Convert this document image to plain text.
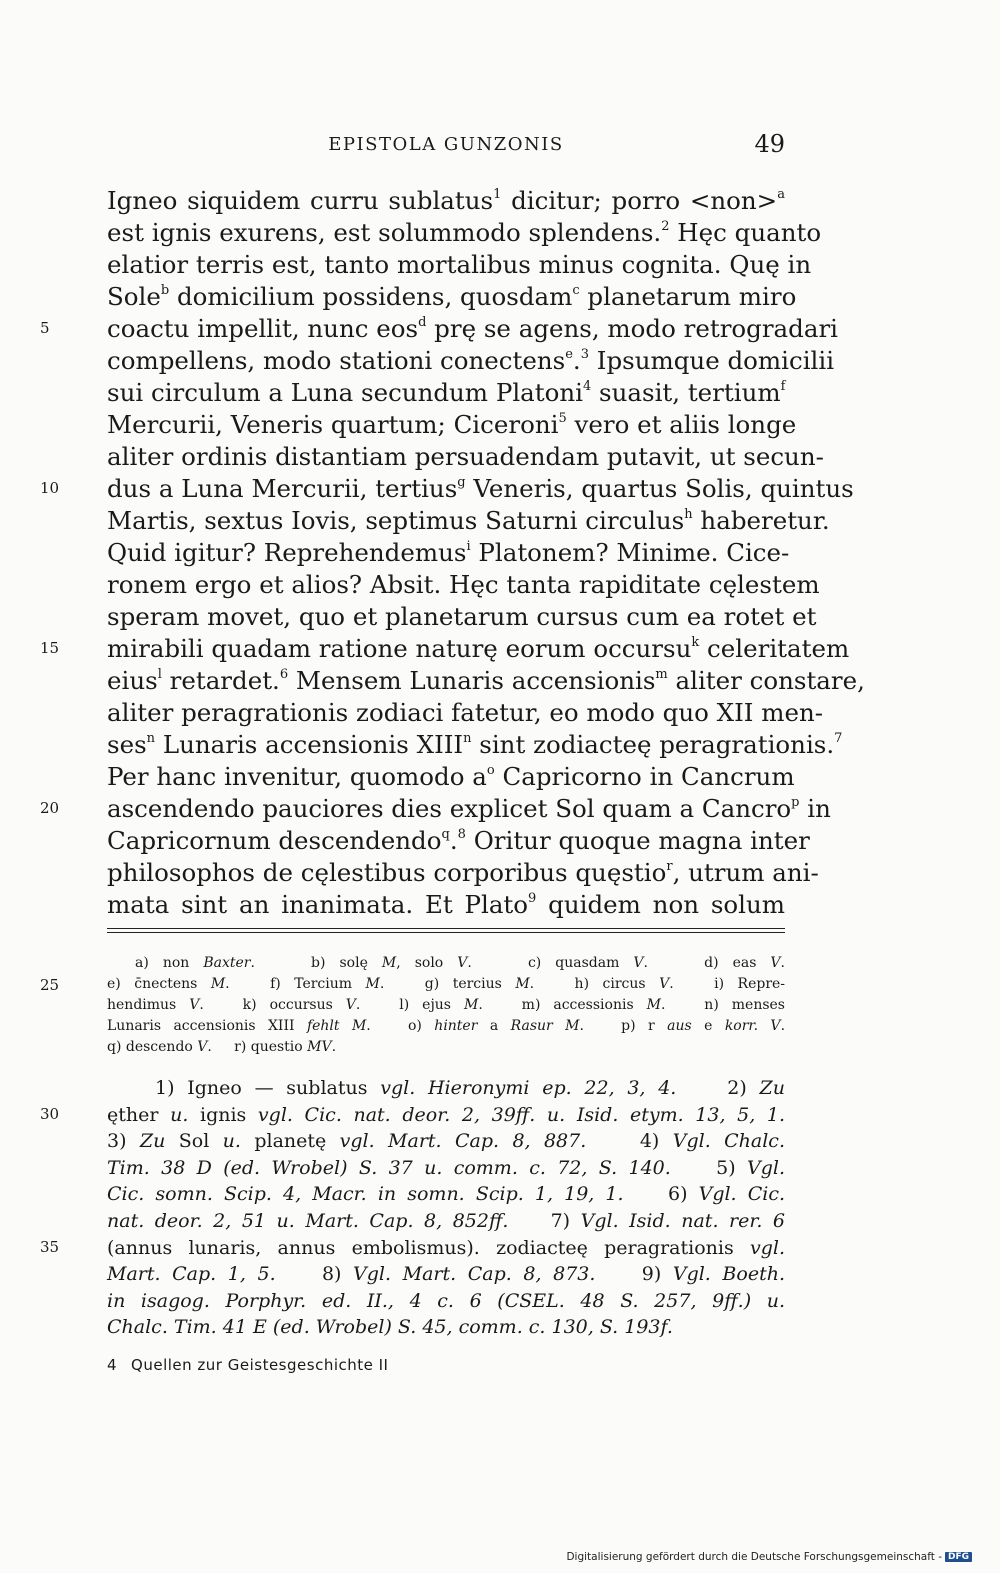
EPISTOLA GUNZONIS	49
Igneo siquidem curru sublatus$^1$ dicitur; porro <non>$^a$
est ignis exurens, est solummodo splendens.$^2$ Hęc quanto
elatior terris est, tanto mortalibus minus cognita. Quę in
Sole$^b$ domicilium possidens, quosdam$^c$ planetarum miro
coactu impellit, nunc eos$^d$ prę se agens, modo retrogradari
compellens, modo stationi conectens$^e$.$^3$ Ipsumque domicilii
sui circulum a Luna secundum Platoni$^4$ suasit, tertium$^f$
Mercurii, Veneris quartum; Ciceroni$^5$ vero et aliis longe
aliter ordinis distantiam persuadendam putavit, ut secun-
dus a Luna Mercurii, tertius$^g$ Veneris, quartus Solis, quintus
Martis, sextus Iovis, septimus Saturni circulus$^h$ haberetur.
Quid igitur? Reprehendemus$^i$ Platonem? Minime. Cice-
ronem ergo et alios? Absit. Hęc tanta rapiditate cęlestem
speram movet, quo et planetarum cursus cum ea rotet et
mirabili quadam ratione naturę eorum occursu$^k$ celeritatem
eius$^l$ retardet.$^6$ Mensem Lunaris accensionis$^m$ aliter constare,
aliter peragrationis zodiaci fatetur, eo modo quo XII men-
ses$^n$ Lunaris accensionis XIII$^n$ sint zodiacteę peragrationis.$^7$
Per hanc invenitur, quomodo $a^o$ Capricorno in Cancrum
ascendendo pauciores dies explicet Sol quam a Cancro$^p$ in
Capricornum descendendo$^q$.$^8$ Oritur quoque magna inter
philosophos de cęlestibus corporibus quęstio$^r$, utrum ani-
mata sint an inanimata. Et Plato$^9$ quidem non solum
5
10
15
20
a) non Baxter.    b) solę M, solo V.    c) quasdam V.    d) eas V.
e) c̄nectens M.   f) Tercium M.   g) tercius M.   h) circus V.   i) Repre-
hendimus V.   k) occursus V.   l) ejus M.   m) accessionis M.   n) menses
Lunaris accensionis XIII fehlt M.   o) hinter a Rasur M.   p) r aus e korr. V.
q) descendo V.     r) questio MV.
25
1) Igneo — sublatus vgl. Hieronymi ep. 22, 3, 4.    2) Zu
ęther u. ignis vgl. Cic. nat. deor. 2, 39ff. u. Isid. etym. 13, 5, 1.
3) Zu Sol u. planetę vgl. Mart. Cap. 8, 887.    4) Vgl. Chalc.
Tim. 38 D (ed. Wrobel) S. 37 u. comm. c. 72, S. 140.    5) Vgl.
Cic. somn. Scip. 4, Macr. in somn. Scip. 1, 19, 1.    6) Vgl. Cic.
nat. deor. 2, 51 u. Mart. Cap. 8, 852ff.    7) Vgl. Isid. nat. rer. 6
(annus lunaris, annus embolismus). zodiacteę peragrationis vgl.
Mart. Cap. 1, 5.    8) Vgl. Mart. Cap. 8, 873.    9) Vgl. Boeth.
in isagog. Porphyr. ed. II., 4 c. 6 (CSEL. 48 S. 257, 9ff.) u.
Chalc. Tim. 41 E (ed. Wrobel) S. 45, comm. c. 130, S. 193f.
30
35
4 Quellen zur Geistesgeschichte II
Digitalisierung gefördert durch die Deutsche Forschungsgemeinschaft - DFG
